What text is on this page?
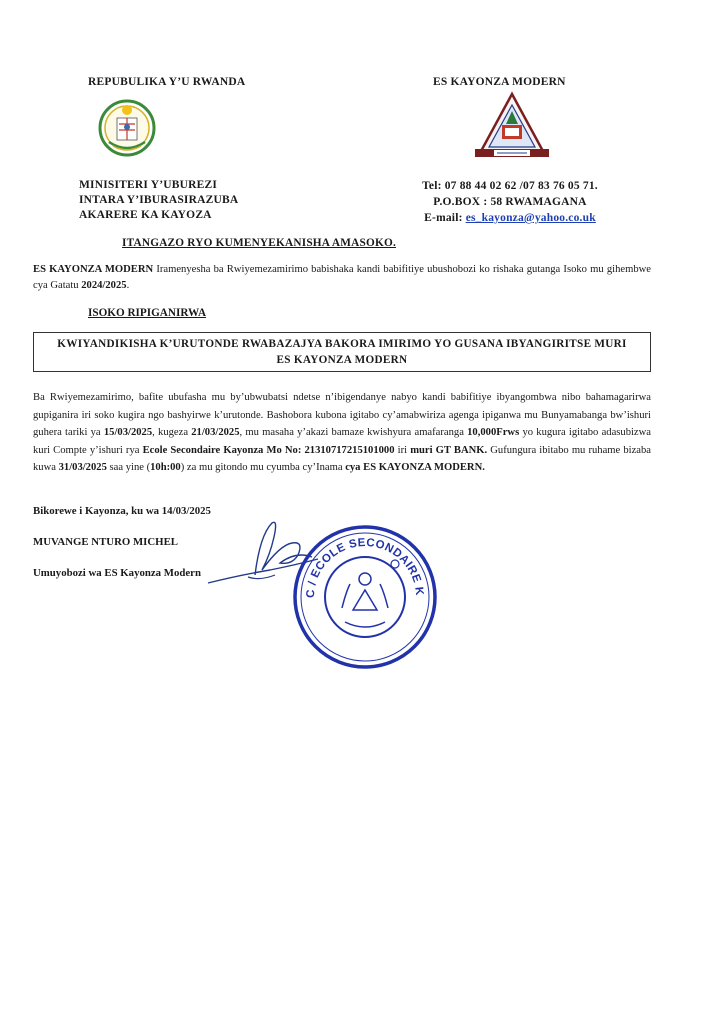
REPUBULIKA Y’U RWANDA
MINISITERI Y’UBUREZI
INTARA Y’IBURASIRAZUBA
AKARERE KA KAYOZA
ES KAYONZA MODERN
Tel: 07 88 44 02 62 /07 83 76 05 71.
P.O.BOX : 58 RWAMAGANA
E-mail: es_kayonza@yahoo.co.uk
ITANGAZO RYO KUMENYEKANISHA AMASOKO.
ES KAYONZA MODERN Iramenyesha ba Rwiyemezamirimo babishaka kandi babifitiye ubushobozi ko rishaka gutanga Isoko mu gihembwe cya Gatatu 2024/2025.
ISOKO RIPIGANIRWA
KWIYANDIKISHA K’URUTONDE RWABAZAJYA BAKORA IMIRIMO YO GUSANA IBYANGIRITSE MURI
ES KAYONZA MODERN
Ba Rwiyemezamirimo, bafite ubufasha mu by’ubwubatsi ndetse n’ibigendanye nabyo kandi babifitiye ibyangombwa nibo bahamagarirwa gupiganira iri soko kugira ngo bashyirwe k’urutonde. Bashobora kubona igitabo cy’amabwiriza agenga ipiganwa mu Bunyamabanga bw’ishuri guhera tariki ya 15/03/2025, kugeza 21/03/2025, mu masaha y’akazi bamaze kwishyura amafaranga 10,000Frws yo kugura igitabo adasubizwa kuri Compte y’ishuri rya Ecole Secondaire Kayonza Mo No: 21310717215101000 iri muri GT BANK. Gufungura ibitabo mu ruhame bizaba kuwa 31/03/2025 saa yine (10h:00) za mu gitondo mu cyumba cy’Inama cya ES KAYONZA MODERN.
Bikorewe i Kayonza, ku wa 14/03/2025
MUVANGE NTURO MICHEL
Umuyobozi wa ES Kayonza Modern
C / ECOLE SECONDAIRE K
